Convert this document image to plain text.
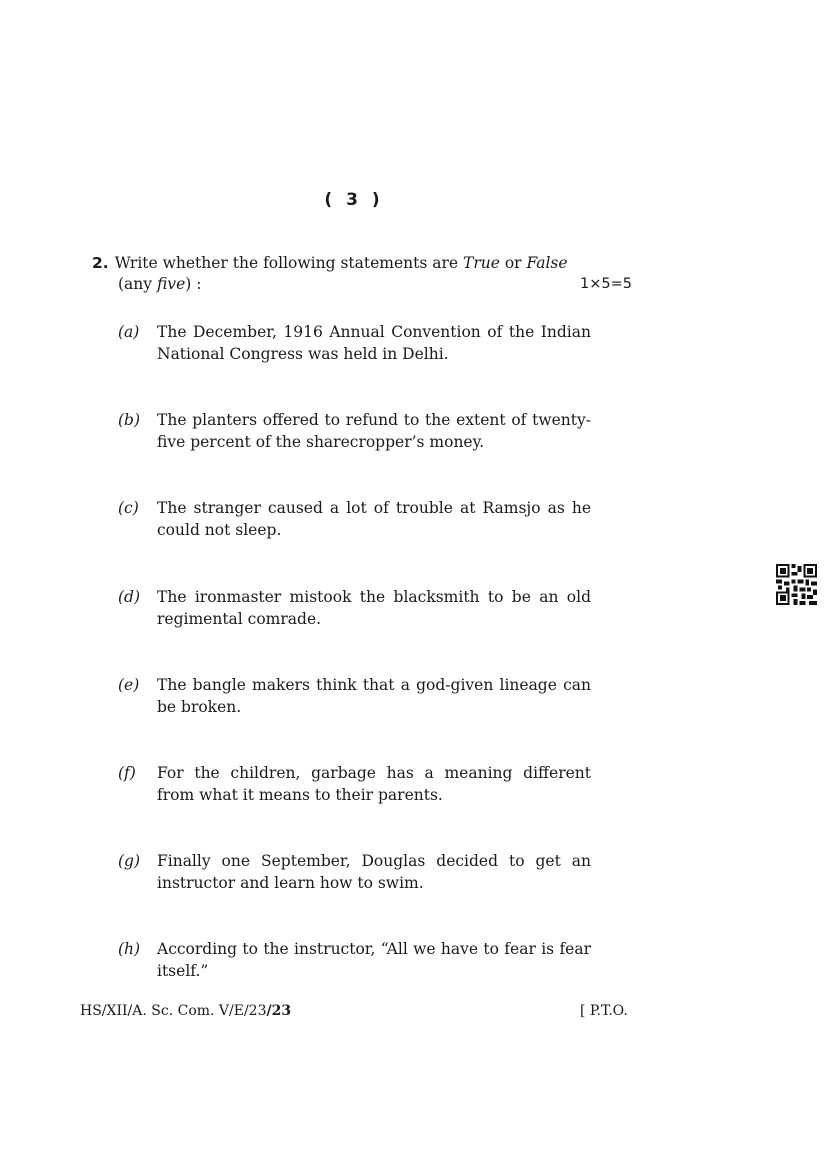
( 3 )
2. Write whether the following statements are True or False
(any five) :	1×5=5
(a) The December, 1916 Annual Convention of the Indian National Congress was held in Delhi.
(b) The planters offered to refund to the extent of twenty-five percent of the sharecropper’s money.
(c) The stranger caused a lot of trouble at Ramsjo as he could not sleep.
(d) The ironmaster mistook the blacksmith to be an old regimental comrade.
(e) The bangle makers think that a god-given lineage can be broken.
(f) For the children, garbage has a meaning different from what it means to their parents.
(g) Finally one September, Douglas decided to get an instructor and learn how to swim.
(h) According to the instructor, “All we have to fear is fear itself.”
HS/XII/A. Sc. Com. V/E/23/23	[ P.T.O.
